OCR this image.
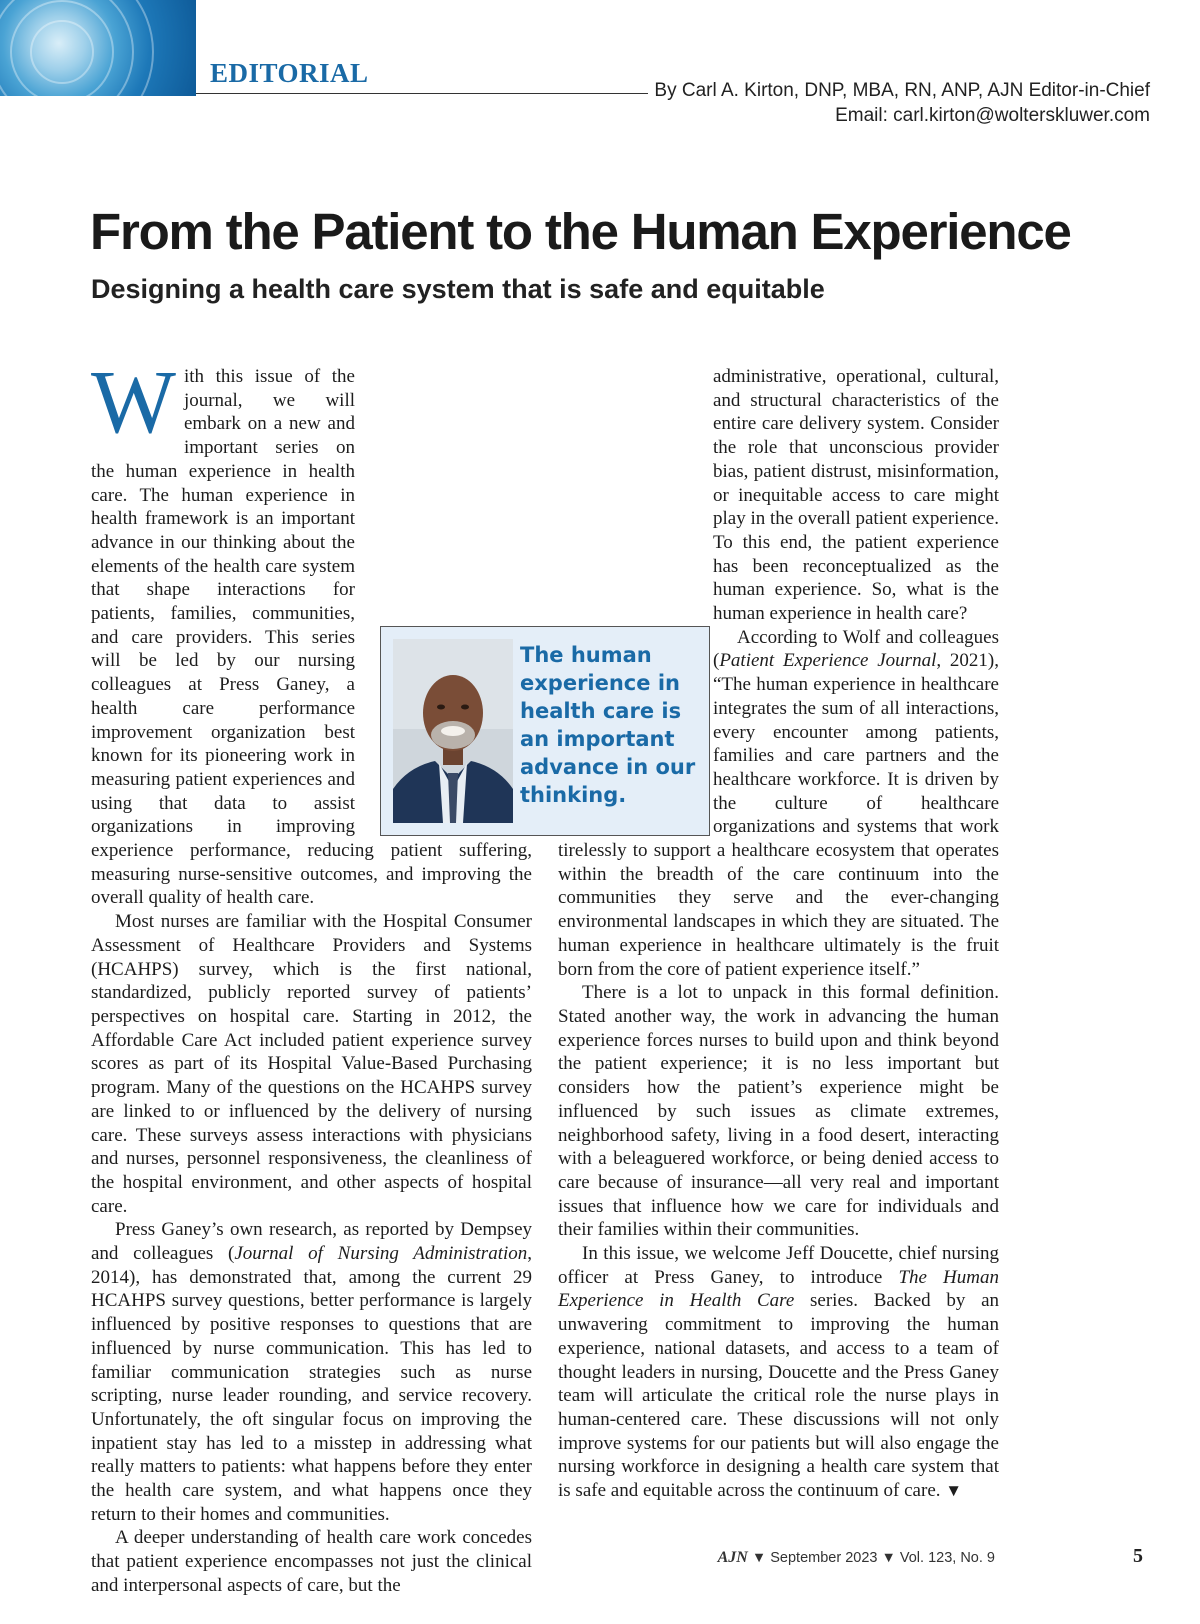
EDITORIAL
By Carl A. Kirton, DNP, MBA, RN, ANP, AJN Editor-in-Chief
Email: carl.kirton@wolterskluwer.com
From the Patient to the Human Experience
Designing a health care system that is safe and equitable

With this issue of the journal, we will embark on a new and important series on the human experience in health care. The human experience in health framework is an important advance in our thinking about the elements of the health care system that shape interactions for patients, families, communities, and care providers. This series will be led by our nursing colleagues at Press Ganey, a health care performance improvement organization best known for its pioneering work in measuring patient experiences and using that data to assist organizations in improving experience performance, reducing patient suffering, measuring nurse-sensitive outcomes, and improving the overall quality of health care.

Most nurses are familiar with the Hospital Consumer Assessment of Healthcare Providers and Systems (HCAHPS) survey, which is the first national, standardized, publicly reported survey of patients’ perspectives on hospital care. Starting in 2012, the Affordable Care Act included patient experience survey scores as part of its Hospital Value-Based Purchasing program. Many of the questions on the HCAHPS survey are linked to or influenced by the delivery of nursing care. These surveys assess interactions with physicians and nurses, personnel responsiveness, the cleanliness of the hospital environment, and other aspects of hospital care.

Press Ganey’s own research, as reported by Dempsey and colleagues (Journal of Nursing Administration, 2014), has demonstrated that, among the current 29 HCAHPS survey questions, better performance is largely influenced by positive responses to questions that are influenced by nurse communication. This has led to familiar communication strategies such as nurse scripting, nurse leader rounding, and service recovery. Unfortunately, the oft singular focus on improving the inpatient stay has led to a misstep in addressing what really matters to patients: what happens before they enter the health care system, and what happens once they return to their homes and communities.

A deeper understanding of health care work concedes that patient experience encompasses not just the clinical and interpersonal aspects of care, but the

administrative, operational, cultural, and structural characteristics of the entire care delivery system. Consider the role that unconscious provider bias, patient distrust, misinformation, or inequitable access to care might play in the overall patient experience. To this end, the patient experience has been reconceptualized as the human experience. So, what is the human experience in health care?

According to Wolf and colleagues (Patient Experience Journal, 2021), “The human experience in healthcare integrates the sum of all interactions, every encounter among patients, families and care partners and the healthcare workforce. It is driven by the culture of healthcare organizations and systems that work tirelessly to support a healthcare ecosystem that operates within the breadth of the care continuum into the communities they serve and the ever-changing environmental landscapes in which they are situated. The human experience in healthcare ultimately is the fruit born from the core of patient experience itself.”

There is a lot to unpack in this formal definition. Stated another way, the work in advancing the human experience forces nurses to build upon and think beyond the patient experience; it is no less important but considers how the patient’s experience might be influenced by such issues as climate extremes, neighborhood safety, living in a food desert, interacting with a beleaguered workforce, or being denied access to care because of insurance—all very real and important issues that influence how we care for individuals and their families within their communities.

In this issue, we welcome Jeff Doucette, chief nursing officer at Press Ganey, to introduce The Human Experience in Health Care series. Backed by an unwavering commitment to improving the human experience, national datasets, and access to a team of thought leaders in nursing, Doucette and the Press Ganey team will articulate the critical role the nurse plays in human-centered care. These discussions will not only improve systems for our patients but will also engage the nursing workforce in designing a health care system that is safe and equitable across the continuum of care. ▼

The human experience in health care is an important advance in our thinking.

AJN ▼ September 2023 ▼ Vol. 123, No. 9	5
